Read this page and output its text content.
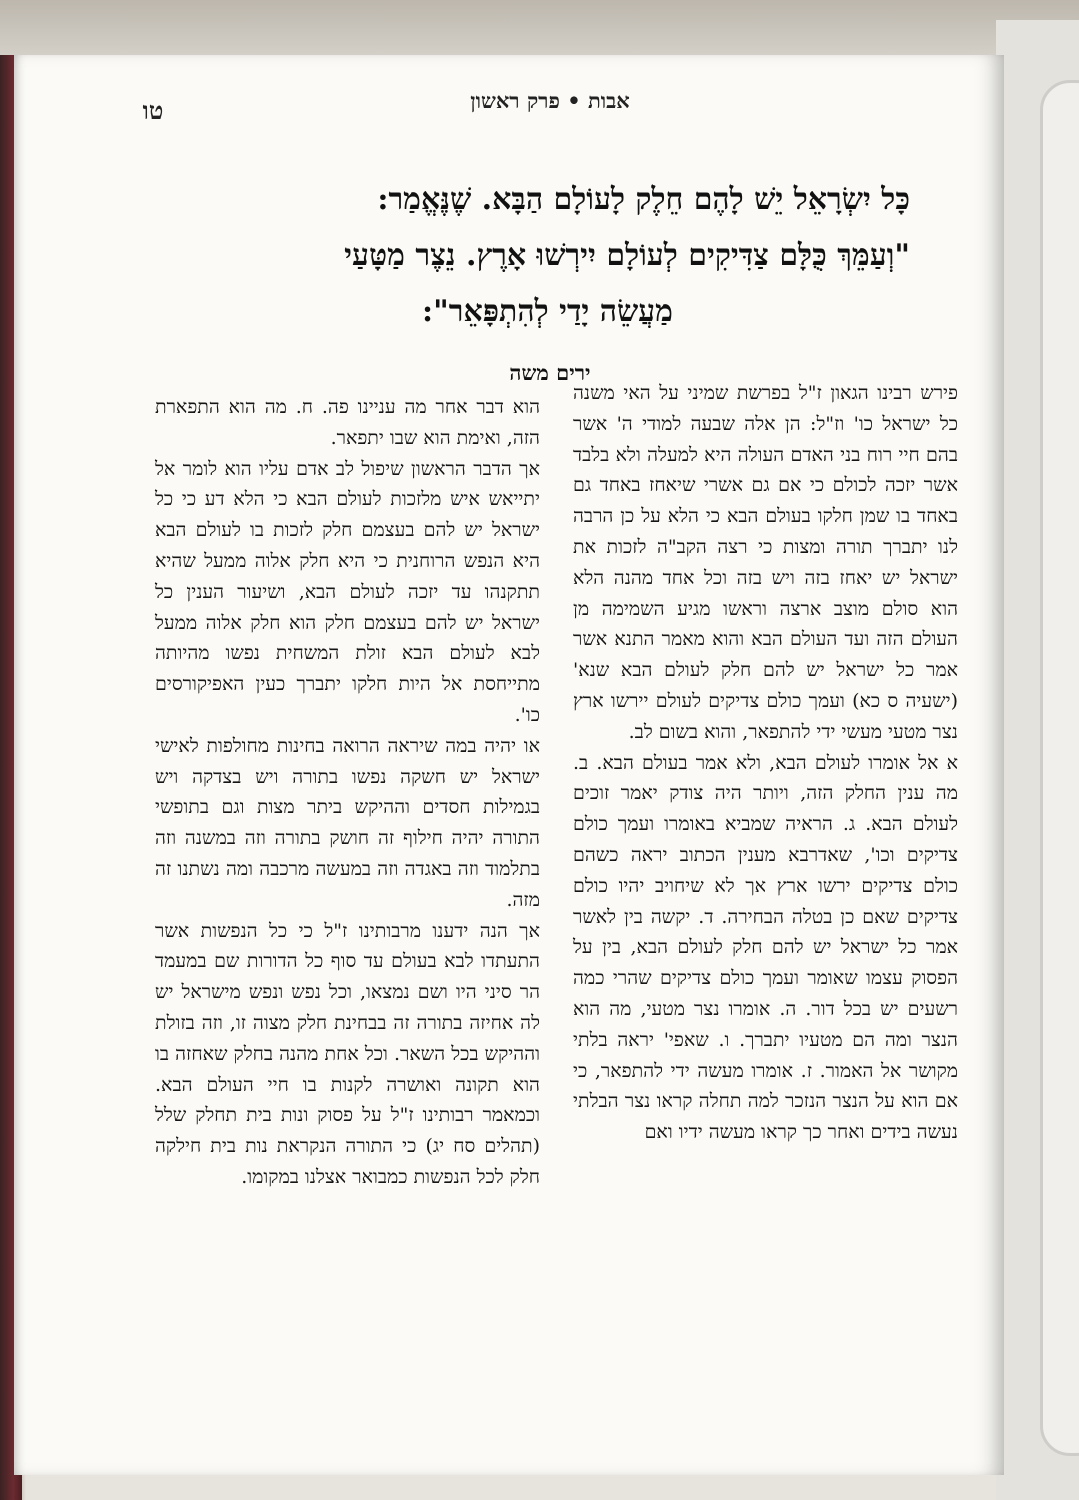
אבות • פרק ראשון
טו
כָּל יִשְׂרָאֵל יֵשׁ לָהֶם חֵלֶק לָעוֹלָם הַבָּא. שֶׁנֶּאֱמַר:
"וְעַמֵּךְ כֻּלָּם צַדִּיקִים לְעוֹלָם יִירְשׁוּ אָרֶץ. נֵצֶר מַטָּעַי
מַעֲשֵׂה יָדַי לְהִתְפָּאֵר":
ירים משה

פירש רבינו הגאון ז"ל בפרשת שמיני על האי משנה כל ישראל כו' וז"ל: הן אלה שבעה למודי ה' אשר בהם חיי רוח בני האדם העולה היא למעלה ולא בלבד אשר יזכה לכולם כי אם גם אשרי שיאחז באחד גם באחד בו שמן חלקו בעולם הבא כי הלא על כן הרבה לנו יתברך תורה ומצות כי רצה הקב"ה לזכות את ישראל יש יאחז בזה ויש בזה וכל אחד מהנה הלא הוא סולם מוצב ארצה וראשו מגיע השמימה מן העולם הזה ועד העולם הבא והוא מאמר התנא אשר אמר כל ישראל יש להם חלק לעולם הבא שנא' (ישעיה ס כא) ועמך כולם צדיקים לעולם יירשו ארץ נצר מטעי מעשי ידי להתפאר, והוא בשום לב.

א אל אומרו לעולם הבא, ולא אמר בעולם הבא. ב. מה ענין החלק הזה, ויותר היה צודק יאמר זוכים לעולם הבא. ג. הראיה שמביא באומרו ועמך כולם צדיקים וכו', שאדרבא מענין הכתוב יראה כשהם כולם צדיקים ירשו ארץ אך לא שיחויב יהיו כולם צדיקים שאם כן בטלה הבחירה. ד. יקשה בין לאשר אמר כל ישראל יש להם חלק לעולם הבא, בין על הפסוק עצמו שאומר ועמך כולם צדיקים שהרי כמה רשעים יש בכל דור. ה. אומרו נצר מטעי, מה הוא הנצר ומה הם מטעיו יתברך. ו. שאפי' יראה בלתי מקושר אל האמור. ז. אומרו מעשה ידי להתפאר, כי אם הוא על הנצר הנזכר למה תחלה קראו נצר הבלתי נעשה בידים ואחר כך קראו מעשה ידיו ואם

הוא דבר אחר מה עניינו פה. ח. מה הוא התפארת הזה, ואימת הוא שבו יתפאר.

אך הדבר הראשון שיפול לב אדם עליו הוא לומר אל יתייאש איש מלזכות לעולם הבא כי הלא דע כי כל ישראל יש להם בעצמם חלק לזכות בו לעולם הבא היא הנפש הרוחנית כי היא חלק אלוה ממעל שהיא תתקנהו עד יזכה לעולם הבא, ושיעור הענין כל ישראל יש להם בעצמם חלק הוא חלק אלוה ממעל לבא לעולם הבא זולת המשחית נפשו מהיותה מתייחסת אל היות חלקו יתברך כעין האפיקורסים כו'.

או יהיה במה שיראה הרואה בחינות מחולפות לאישי ישראל יש חשקה נפשו בתורה ויש בצדקה ויש בגמילות חסדים וההיקש ביתר מצות וגם בתופשי התורה יהיה חילוף זה חושק בתורה וזה במשנה וזה בתלמוד וזה באגדה וזה במעשה מרכבה ומה נשתנו זה מזה.

אך הנה ידענו מרבותינו ז"ל כי כל הנפשות אשר התעתדו לבא בעולם עד סוף כל הדורות שם במעמד הר סיני היו ושם נמצאו, וכל נפש ונפש מישראל יש לה אחיזה בתורה זה בבחינת חלק מצוה זו, וזה בזולת וההיקש בכל השאר. וכל אחת מהנה בחלק שאחזה בו הוא תקונה ואושרה לקנות בו חיי העולם הבא. וכמאמר רבותינו ז"ל על פסוק ונות בית תחלק שלל (תהלים סח יג) כי התורה הנקראת נות בית חילקה חלק לכל הנפשות כמבואר אצלנו במקומו.
